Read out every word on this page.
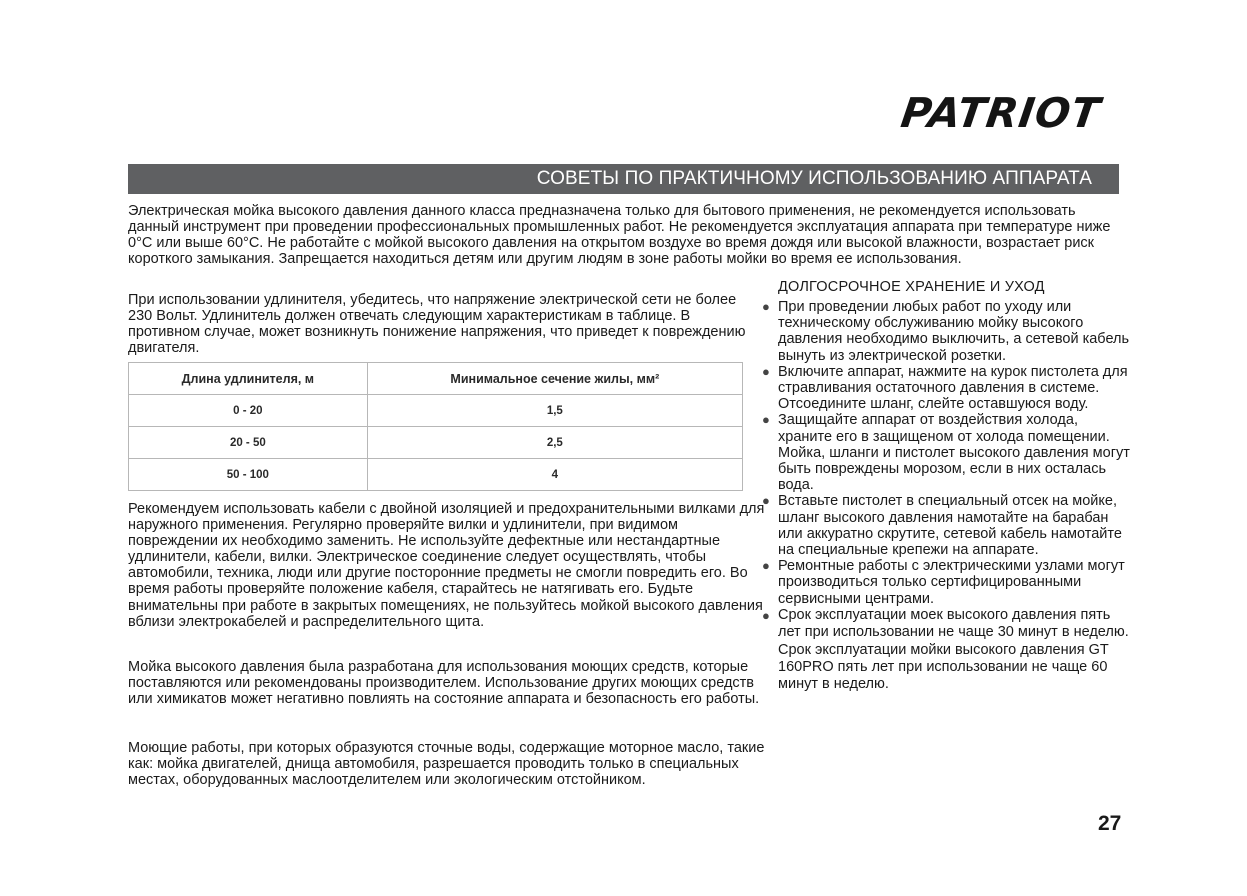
PATRIOT
СОВЕТЫ ПО ПРАКТИЧНОМУ ИСПОЛЬЗОВАНИЮ АППАРАТА

Электрическая мойка высокого давления данного класса предназначена только для бытового применения, не рекомендуется использовать данный инструмент при проведении профессиональных промышленных работ. Не рекомендуется эксплуатация аппарата при температуре ниже 0°С или выше 60°С. Не работайте с мойкой высокого давления на открытом воздухе во время дождя или высокой влажности, возрастает риск короткого замыкания. Запрещается находиться детям или другим людям в зоне работы мойки во время ее использования.

При использовании удлинителя, убедитесь, что напряжение электрической сети не более 230 Вольт. Удлинитель должен отвечать следующим характеристикам в таблице. В противном случае, может возникнуть понижение напряжения, что приведет к повреждению двигателя.

Длина удлинителя, м	Минимальное сечение жилы, мм²
0 - 20	1,5
20 - 50	2,5
50 - 100	4

Рекомендуем использовать кабели с двойной изоляцией и предохранительными вилками для наружного применения. Регулярно проверяйте вилки и удлинители, при видимом повреждении их необходимо заменить. Не используйте дефектные или нестандартные удлинители, кабели, вилки. Электрическое соединение следует осуществлять, чтобы автомобили, техника, люди или другие посторонние предметы не смогли повредить его. Во время работы проверяйте положение кабеля, старайтесь не натягивать его. Будьте внимательны при работе в закрытых помещениях, не пользуйтесь мойкой высокого давления вблизи электрокабелей и распределительного щита.

Мойка высокого давления была разработана для использования моющих средств, которые поставляются или рекомендованы производителем. Использование других моющих средств или химикатов может негативно повлиять на состояние аппарата и безопасность его работы.

Моющие работы, при которых образуются сточные воды, содержащие моторное масло, такие как: мойка двигателей, днища автомобиля, разрешается проводить только в специальных местах, оборудованных маслоотделителем или экологическим отстойником.

ДОЛГОСРОЧНОЕ ХРАНЕНИЕ И УХОД
● При проведении любых работ по уходу или техническому обслуживанию мойку высокого давления необходимо выключить, а сетевой кабель вынуть из электрической розетки.
● Включите аппарат, нажмите на курок пистолета для стравливания остаточного давления в системе. Отсоедините шланг, слейте оставшуюся воду.
● Защищайте аппарат от воздействия холода, храните его в защищеном от холода помещении. Мойка, шланги и пистолет высокого давления могут быть повреждены морозом, если в них осталась вода.
● Вставьте пистолет в специальный отсек на мойке, шланг высокого давления намотайте на барабан или аккуратно скрутите, сетевой кабель намотайте на специальные крепежи на аппарате.
● Ремонтные работы с электрическими узлами могут производиться только сертифицированными сервисными центрами.
● Срок эксплуатации моек высокого давления пять лет при использовании не чаще 30 минут в неделю. Срок эксплуатации мойки высокого давления GT 160PRO пять лет при использовании не чаще 60 минут в неделю.
27
